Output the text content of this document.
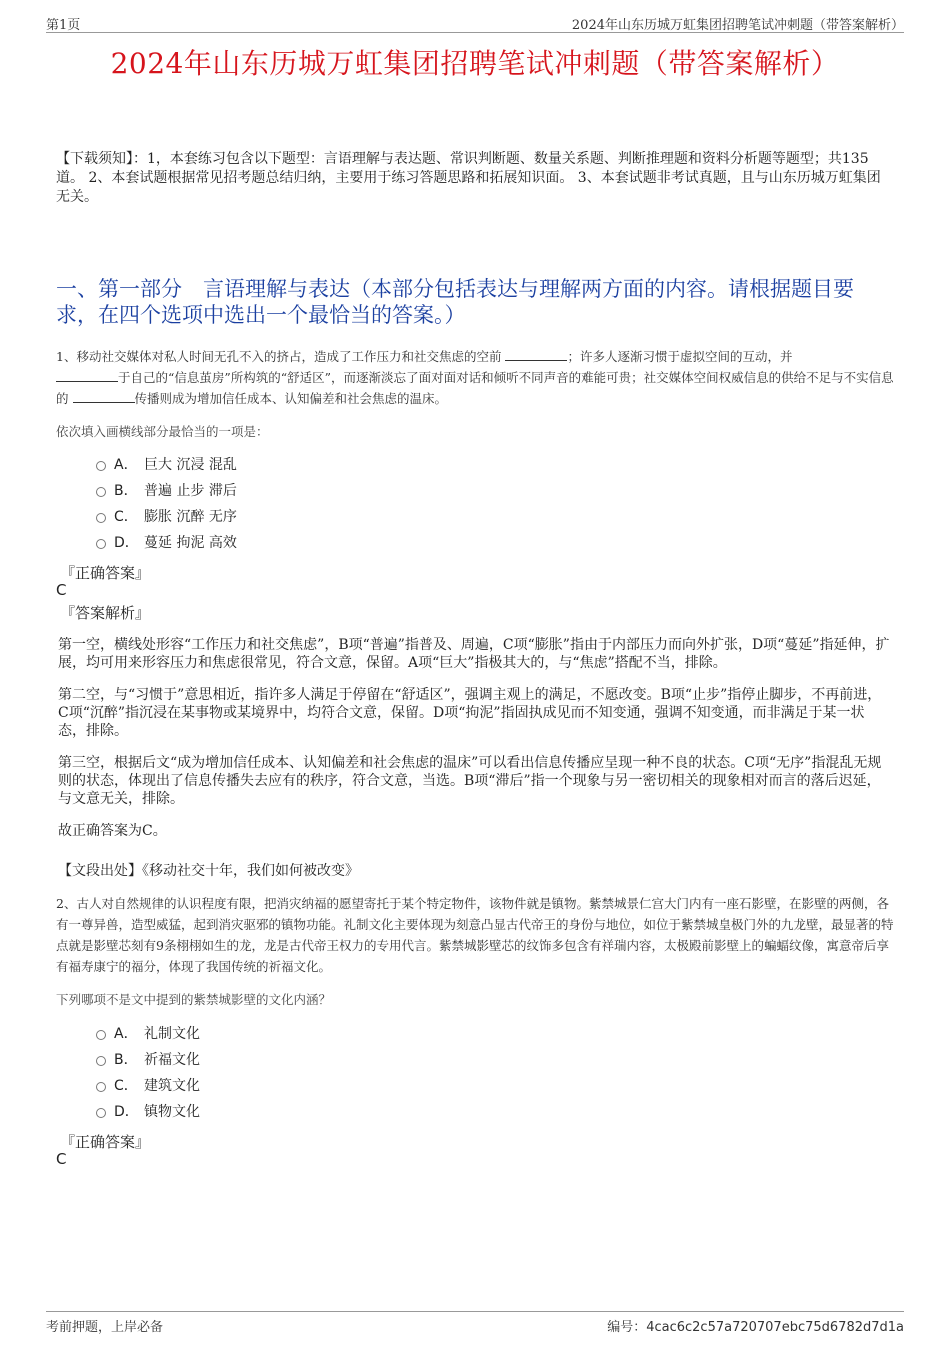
第1页	2024年山东历城万虹集团招聘笔试冲刺题（带答案解析）
2024年山东历城万虹集团招聘笔试冲刺题（带答案解析）
【下载须知】：1，本套练习包含以下题型：言语理解与表达题、常识判断题、数量关系题、判断推理题和资料分析题等题型；共135道。 2、本套试题根据常见招考题总结归纳，主要用于练习答题思路和拓展知识面。 3、本套试题非考试真题，且与山东历城万虹集团无关。
一、第一部分　言语理解与表达（本部分包括表达与理解两方面的内容。请根据题目要求，在四个选项中选出一个最恰当的答案。）
1、移动社交媒体对私人时间无孔不入的挤占，造成了工作压力和社交焦虑的空前	；许多人逐渐习惯于虚拟空间的互动，并
于自己的“信息茧房”所构筑的“舒适区”，而逐渐淡忘了面对面对话和倾听不同声音的难能可贵；社交媒体空间权威信息的供给不足与不实信息的	传播则成为增加信任成本、认知偏差和社会焦虑的温床。
依次填入画横线部分最恰当的一项是：
A． 巨大 沉浸 混乱
B． 普遍 止步 滞后
C． 膨胀 沉醉 无序
D． 蔓延 拘泥 高效
『正确答案』
C
『答案解析』

第一空，横线处形容“工作压力和社交焦虑”，B项“普遍”指普及、周遍，C项“膨胀”指由于内部压力而向外扩张，D项“蔓延”指延伸，扩展，均可用来形容压力和焦虑很常见，符合文意，保留。A项“巨大”指极其大的，与“焦虑”搭配不当，排除。

第二空，与“习惯于”意思相近，指许多人满足于停留在“舒适区”，强调主观上的满足，不愿改变。B项“止步”指停止脚步，不再前进，C项“沉醉”指沉浸在某事物或某境界中，均符合文意，保留。D项“拘泥”指固执成见而不知变通，强调不知变通，而非满足于某一状态，排除。

第三空，根据后文“成为增加信任成本、认知偏差和社会焦虑的温床”可以看出信息传播应呈现一种不良的状态。C项“无序”指混乱无规则的状态，体现出了信息传播失去应有的秩序，符合文意，当选。B项“滞后”指一个现象与另一密切相关的现象相对而言的落后迟延，与文意无关，排除。

故正确答案为C。

【文段出处】《移动社交十年，我们如何被改变》
2、古人对自然规律的认识程度有限，把消灾纳福的愿望寄托于某个特定物件，该物件就是镇物。紫禁城景仁宫大门内有一座石影壁，在影壁的两侧，各有一尊异兽，造型威猛，起到消灾驱邪的镇物功能。礼制文化主要体现为刻意凸显古代帝王的身份与地位，如位于紫禁城皇极门外的九龙壁，最显著的特点就是影壁芯刻有9条栩栩如生的龙，龙是古代帝王权力的专用代言。紫禁城影壁芯的纹饰多包含有祥瑞内容，太极殿前影壁上的蝙蝠纹像，寓意帝后享有福寿康宁的福分，体现了我国传统的祈福文化。
下列哪项不是文中提到的紫禁城影壁的文化内涵？
A． 礼制文化
B． 祈福文化
C． 建筑文化
D． 镇物文化
『正确答案』
C
考前押题，上岸必备	编号：4cac6c2c57a720707ebc75d6782d7d1a
